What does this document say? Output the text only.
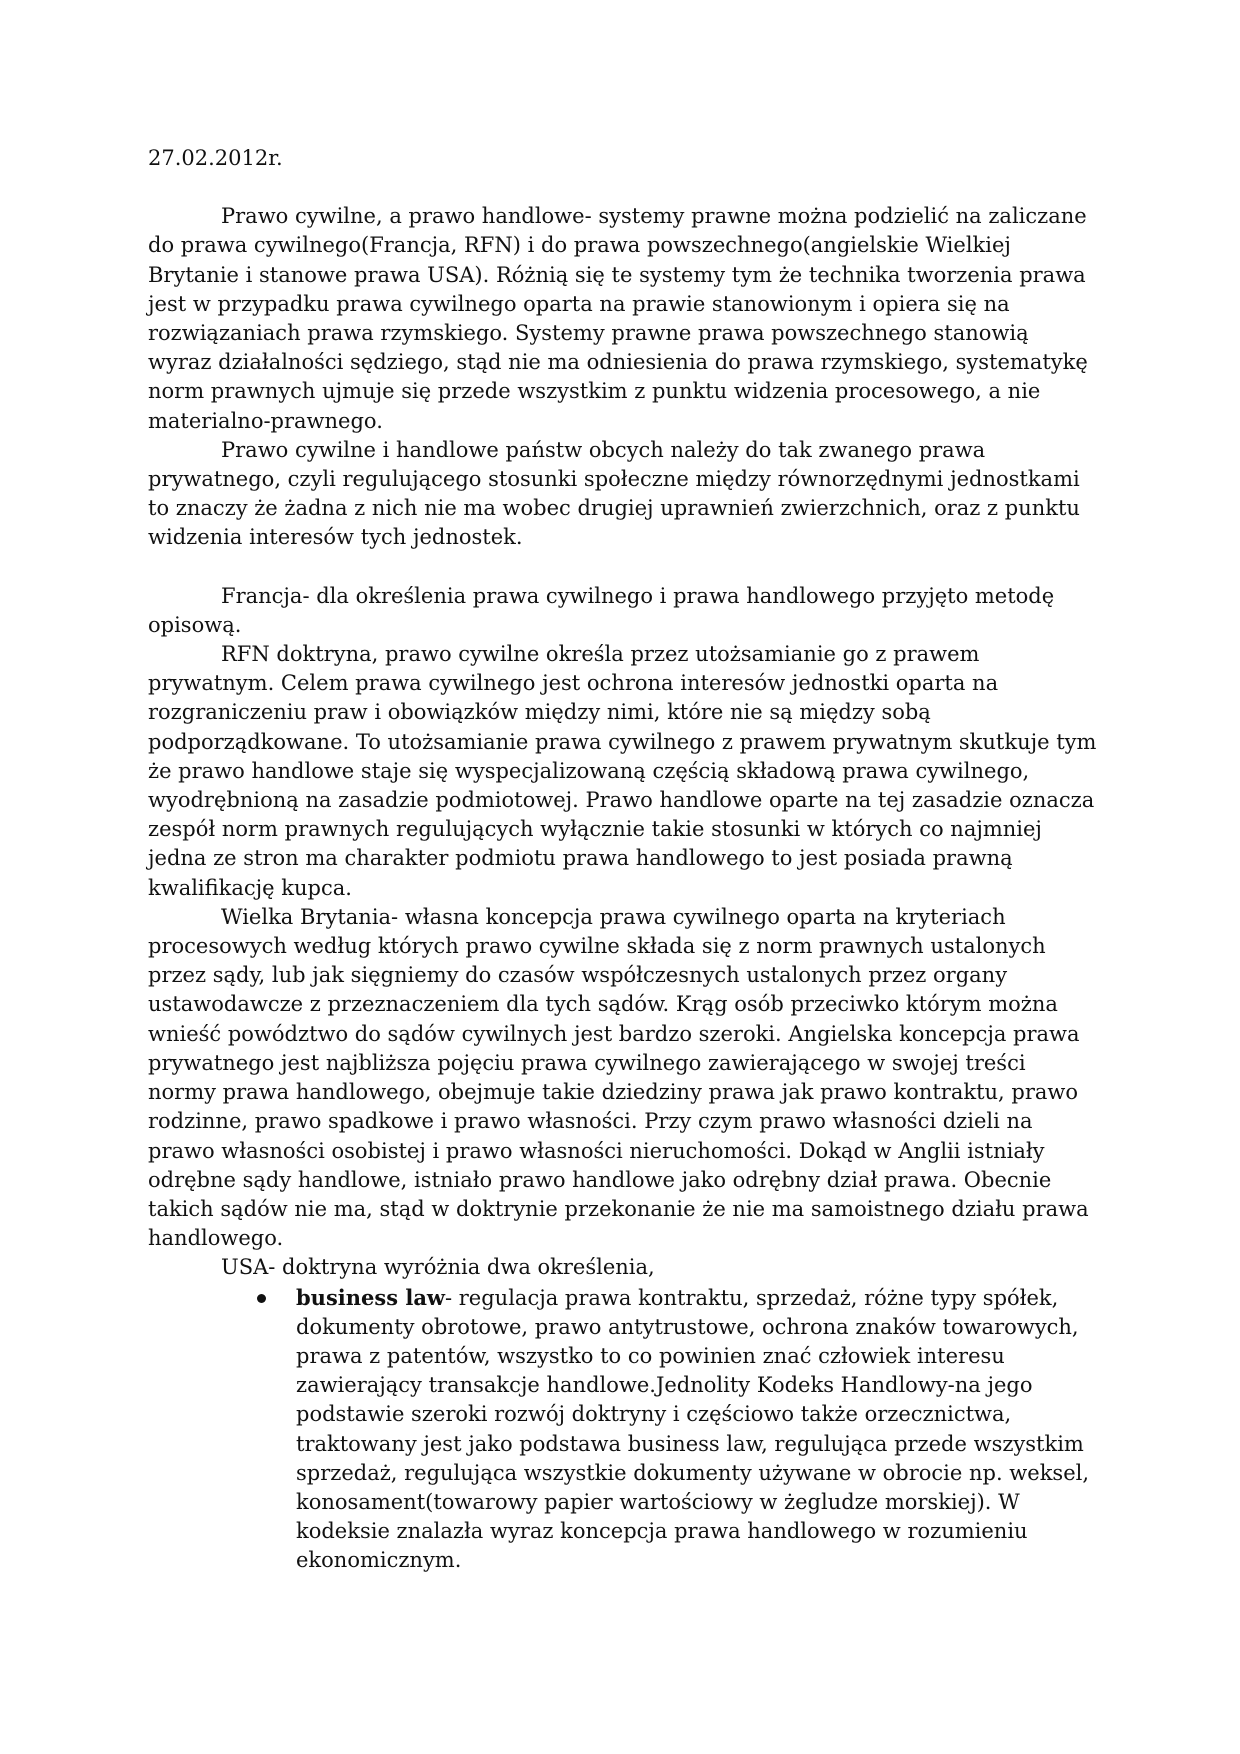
27.02.2012r.

Prawo cywilne, a prawo handlowe- systemy prawne można podzielić na zaliczane do prawa cywilnego(Francja, RFN) i do prawa powszechnego(angielskie Wielkiej Brytanie i stanowe prawa USA). Różnią się te systemy tym że technika tworzenia prawa jest w przypadku prawa cywilnego oparta na prawie stanowionym i opiera się na rozwiązaniach prawa rzymskiego. Systemy prawne prawa powszechnego stanowią wyraz działalności sędziego, stąd nie ma odniesienia do prawa rzymskiego, systematykę norm prawnych ujmuje się przede wszystkim z punktu widzenia procesowego, a nie materialno-prawnego.

Prawo cywilne i handlowe państw obcych należy do tak zwanego prawa prywatnego, czyli regulującego stosunki społeczne między równorzędnymi jednostkami to znaczy że żadna z nich nie ma wobec drugiej uprawnień zwierzchnich, oraz z punktu widzenia interesów tych jednostek.

Francja- dla określenia prawa cywilnego i prawa handlowego przyjęto metodę opisową.

RFN doktryna, prawo cywilne określa przez utożsamianie go z prawem prywatnym. Celem prawa cywilnego jest ochrona interesów jednostki oparta na rozgraniczeniu praw i obowiązków między nimi, które nie są między sobą podporządkowane. To utożsamianie prawa cywilnego z prawem prywatnym skutkuje tym że prawo handlowe staje się wyspecjalizowaną częścią składową prawa cywilnego, wyodrębnioną na zasadzie podmiotowej. Prawo handlowe oparte na tej zasadzie oznacza zespół norm prawnych regulujących wyłącznie takie stosunki w których co najmniej jedna ze stron ma charakter podmiotu prawa handlowego to jest posiada prawną kwalifikację kupca.

Wielka Brytania- własna koncepcja prawa cywilnego oparta na kryteriach procesowych według których prawo cywilne składa się z norm prawnych ustalonych przez sądy, lub jak sięgniemy do czasów współczesnych ustalonych przez organy ustawodawcze z przeznaczeniem dla tych sądów. Krąg osób przeciwko którym można wnieść powództwo do sądów cywilnych jest bardzo szeroki. Angielska koncepcja prawa prywatnego jest najbliższa pojęciu prawa cywilnego zawierającego w swojej treści normy prawa handlowego, obejmuje takie dziedziny prawa jak prawo kontraktu, prawo rodzinne, prawo spadkowe i prawo własności. Przy czym prawo własności dzieli na prawo własności osobistej i prawo własności nieruchomości. Dokąd w Anglii istniały odrębne sądy handlowe, istniało prawo handlowe jako odrębny dział prawa. Obecnie takich sądów nie ma, stąd w doktrynie przekonanie że nie ma samoistnego działu prawa handlowego.

USA- doktryna wyróżnia dwa określenia,

business law- regulacja prawa kontraktu, sprzedaż, różne typy spółek, dokumenty obrotowe, prawo antytrustowe, ochrona znaków towarowych, prawa z patentów, wszystko to co powinien znać człowiek interesu zawierający transakcje handlowe.Jednolity Kodeks Handlowy-na jego podstawie szeroki rozwój doktryny i częściowo także orzecznictwa, traktowany jest jako podstawa business law, regulująca przede wszystkim sprzedaż, regulująca wszystkie dokumenty używane w obrocie np. weksel, konosament(towarowy papier wartościowy w żegludze morskiej). W kodeksie znalazła wyraz koncepcja prawa handlowego w rozumieniu ekonomicznym.
